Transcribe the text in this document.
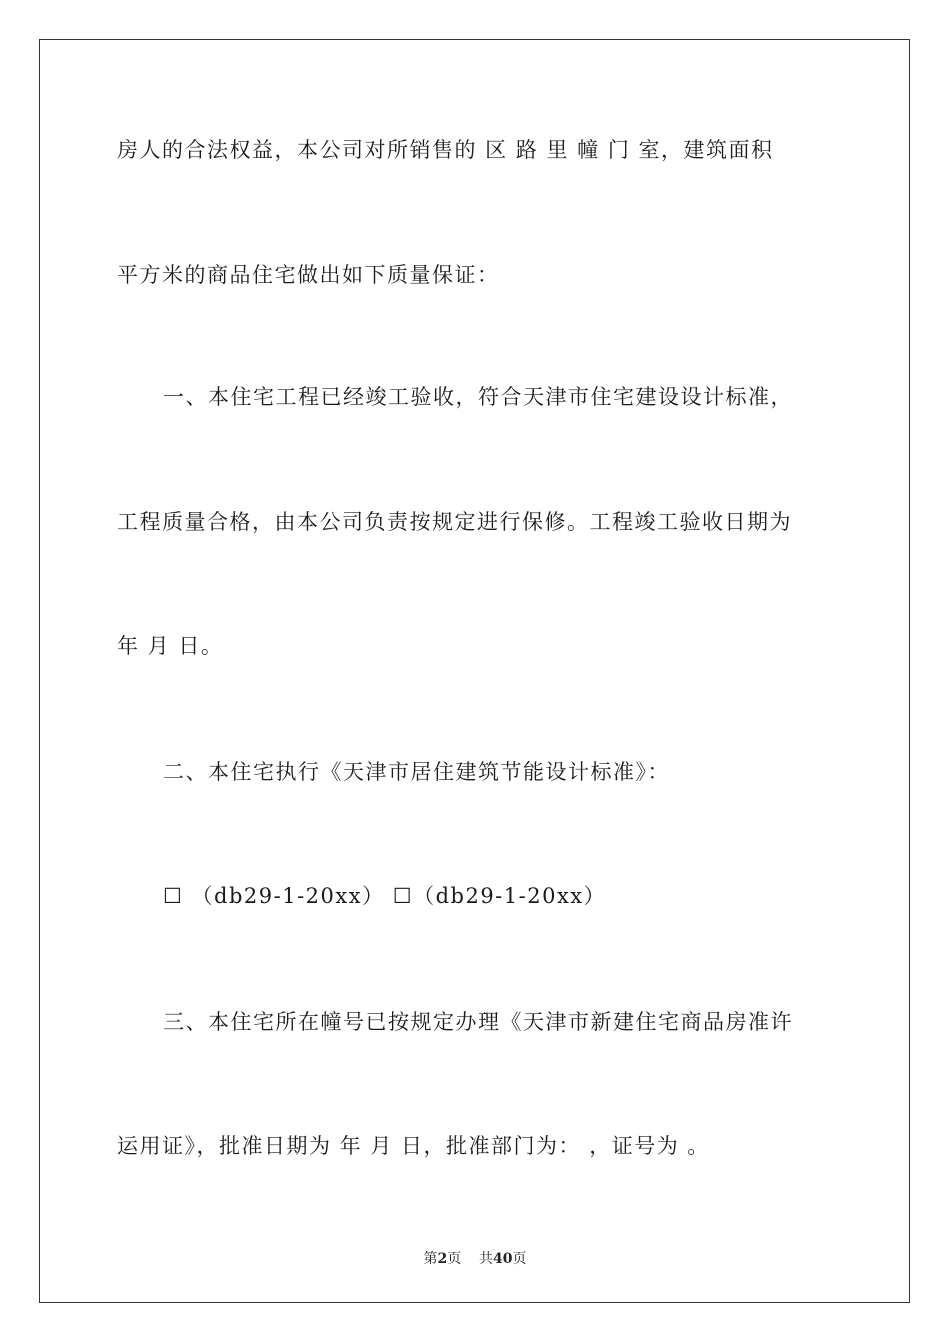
房人的合法权益，本公司对所销售的 区 路 里 幢 门 室，建筑面积
平方米的商品住宅做出如下质量保证：
一、本住宅工程已经竣工验收，符合天津市住宅建设设计标准，
工程质量合格，由本公司负责按规定进行保修。工程竣工验收日期为
年 月 日。
二、本住宅执行《天津市居住建筑节能设计标准》：
☐ （db29-1-20xx） ☐（db29-1-20xx）
三、本住宅所在幢号已按规定办理《天津市新建住宅商品房准许
运用证》，批准日期为 年 月 日，批准部门为： ，证号为 。
第2页 共40页
